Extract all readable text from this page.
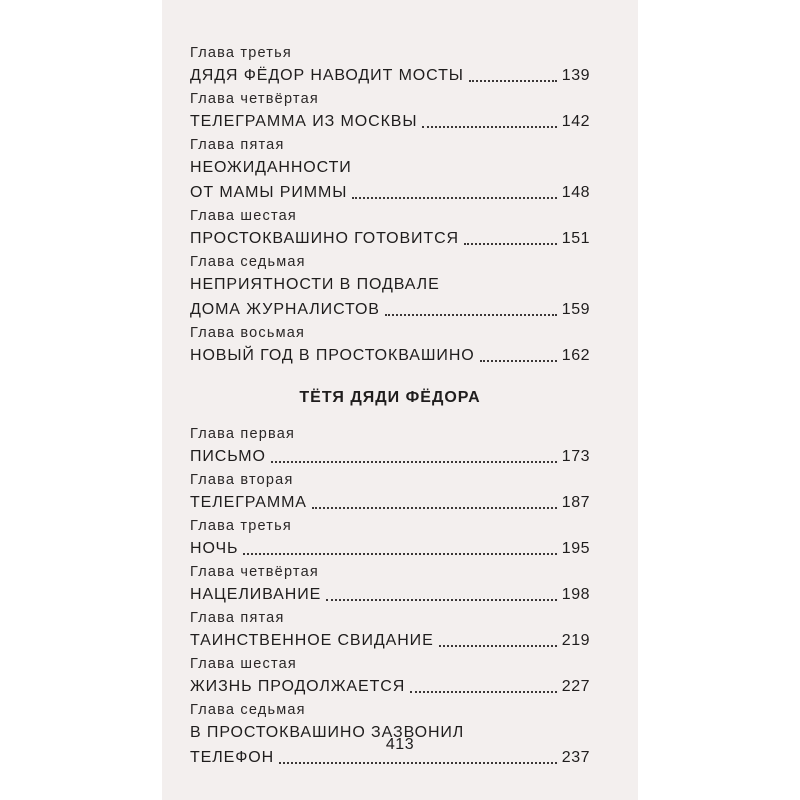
Глава третья
ДЯДЯ ФЁДОР НАВОДИТ МОСТЫ	139
Глава четвёртая
ТЕЛЕГРАММА ИЗ МОСКВЫ	142
Глава пятая
НЕОЖИДАННОСТИ
ОТ МАМЫ РИММЫ	148
Глава шестая
ПРОСТОКВАШИНО ГОТОВИТСЯ	151
Глава седьмая
НЕПРИЯТНОСТИ В ПОДВАЛЕ
ДОМА ЖУРНАЛИСТОВ	159
Глава восьмая
НОВЫЙ ГОД В ПРОСТОКВАШИНО	162
ТЁТЯ ДЯДИ ФЁДОРА
Глава первая
ПИСЬМО	173
Глава вторая
ТЕЛЕГРАММА	187
Глава третья
НОЧЬ	195
Глава четвёртая
НАЦЕЛИВАНИЕ	198
Глава пятая
ТАИНСТВЕННОЕ СВИДАНИЕ	219
Глава шестая
ЖИЗНЬ ПРОДОЛЖАЕТСЯ	227
Глава седьмая
В ПРОСТОКВАШИНО ЗАЗВОНИЛ
ТЕЛЕФОН	237
413
